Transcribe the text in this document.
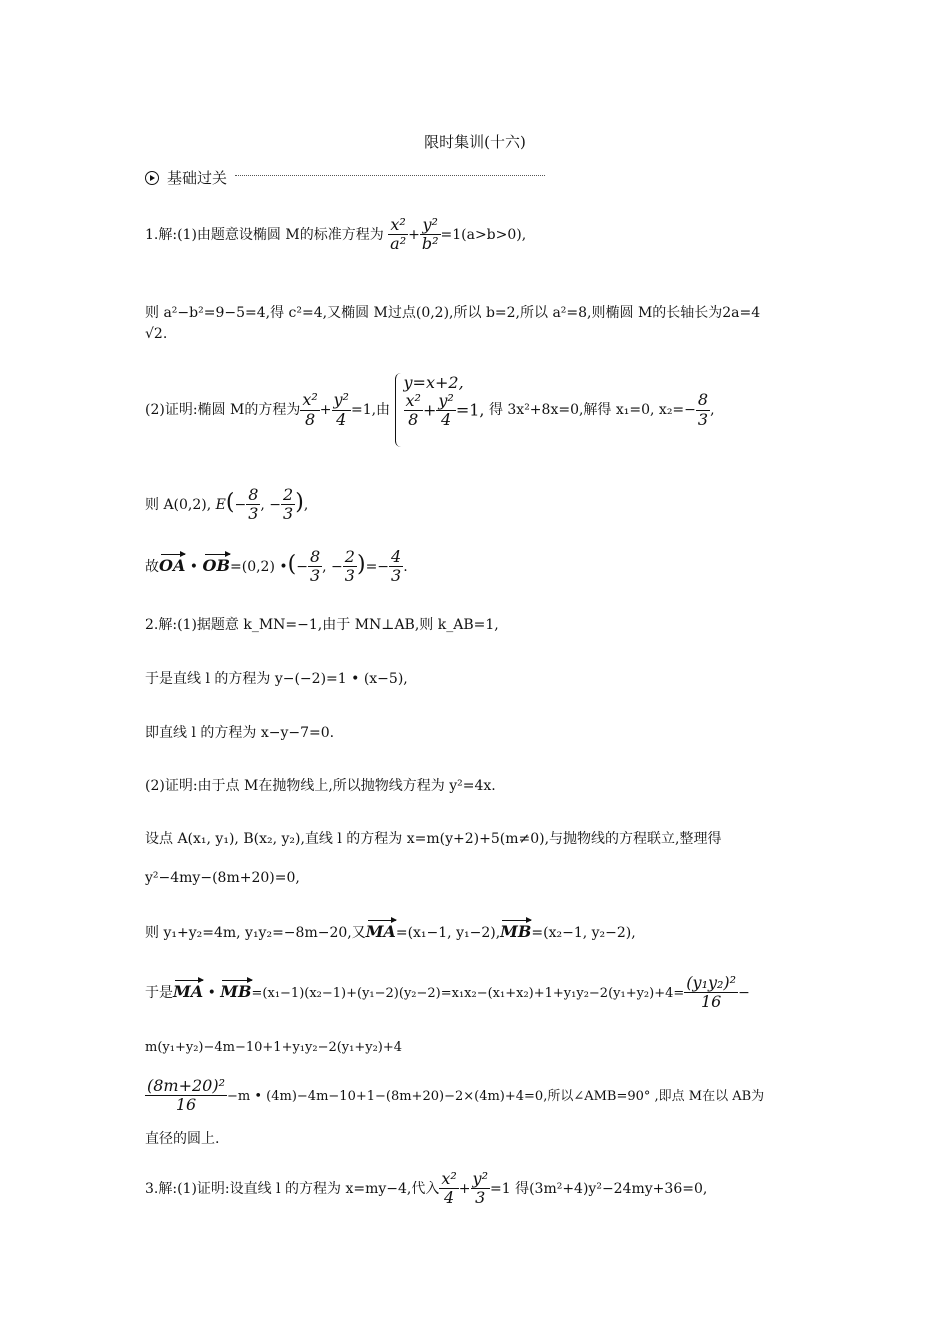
限时集训(十六)
基础过关
1.解:(1)由题意设椭圆 M的标准方程为 $\frac{\text{x²}}{\text{a²}} + \frac{\text{y²}}{\text{b²}} =1(a>b>0)$,
则 a²−b²=9−5=4,得 c²=4,又椭圆 M过点(0,2),所以 b=2,所以 a²=8,则椭圆 M的长轴长为2a=4
√2.
(2)证明:椭圆 M的方程为 $\frac{\text{x²}}{8} + \frac{\text{y²}}{4} =1$,由
y=x+2,
$\frac{\text{x²}}{8} + \frac{\text{y²}}{4} =1$, 得 3x²+8x=0,解得 x₁=0, $x_2=- \frac{8}{3}$ ,
则 A(0,2), $E(- \frac{8}{3}$ , − $\frac{2}{3}$ ),
故OA • OB=(0,2) •(− $\frac{8}{3}$ , − $\frac{2}{3}$ )=− $\frac{4}{3}$ .
2.解:(1)据题意 k_MN=−1,由于 MN⊥AB,则 k_AB=1,
于是直线 l 的方程为 y−(−2)=1 • (x−5),
即直线 l 的方程为 x−y−7=0.
(2)证明:由于点 M在抛物线上,所以抛物线方程为 y²=4x.
设点 A(x₁, y₁), B(x₂, y₂),直线 l 的方程为 x=m(y+2)+5(m≠0),与抛物线的方程联立,整理得
y²−4my−(8m+20)=0,
则 y₁+y₂=4m, y₁y₂=−8m−20,又MA=(x₁−1, y₁−2),MB=(x₂−1, y₂−2),
于是MA • $MB=(x_1-1)(x_2-1)+(y_1-2)(y_2-2)=x_1x_2-(x_1+x_2)+1+y_1y_2-2(y_1+y_2)+4= \frac{\text{(y₁y₂)²}}{16}$ −
m(y₁+y₂)−4m−10+1+y₁y₂−2(y₁+y₂)+4
$\frac{\text{(8m+20)²}}{16} -m$ • (4m)−4m−10+1−(8m+20)−2×(4m)+4=0,所以∠AMB=90° ,即点 M在以 AB为
直径的圆上.
3.解:(1)证明:设直线 l 的方程为 x=my−4,代入 $\frac{\text{x²}}{4} + \frac{\text{y²}}{3} =1$ 得(3m²+4)y²−24my+36=0,
